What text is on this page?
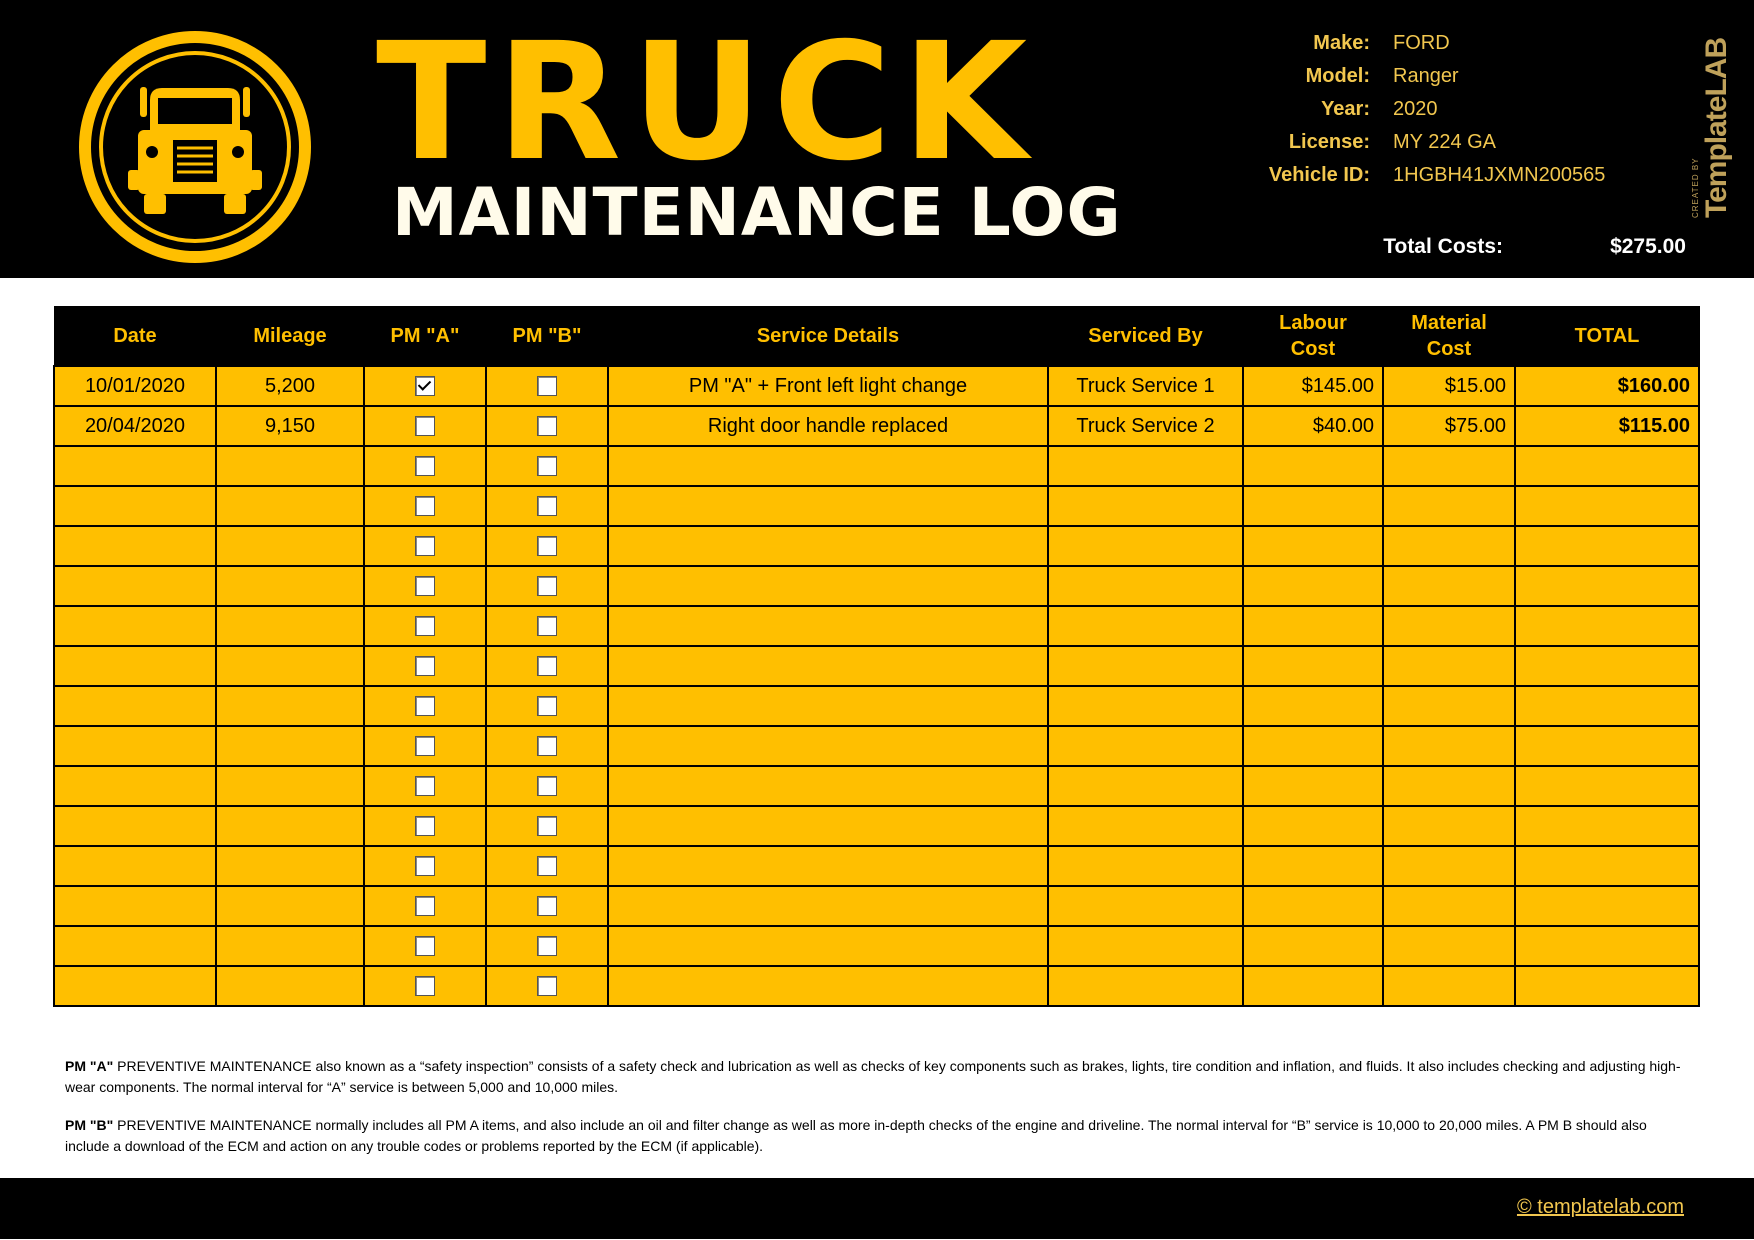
TRUCK
MAINTENANCE LOG
Make: FORD
Model: Ranger
Year: 2020
License: MY 224 GA
Vehicle ID: 1HGBH41JXMN200565
Total Costs:	$275.00
CREATED BY TemplateLAB
Date	Mileage	PM "A"	PM "B"	Service Details	Serviced By	Labour Cost	Material Cost	TOTAL
10/01/2020	5,200			PM "A" + Front left light change	Truck Service 1	$145.00	$15.00	$160.00
20/04/2020	9,150			Right door handle replaced	Truck Service 2	$40.00	$75.00	$115.00

PM "A" PREVENTIVE MAINTENANCE also known as a “safety inspection” consists of a safety check and lubrication as well as checks of key components such as brakes, lights, tire condition and inflation, and fluids. It also includes checking and adjusting high-wear components. The normal interval for “A” service is between 5,000 and 10,000 miles.
PM "B" PREVENTIVE MAINTENANCE normally includes all PM A items, and also include an oil and filter change as well as more in-depth checks of the engine and driveline. The normal interval for “B” service is 10,000 to 20,000 miles. A PM B should also include a download of the ECM and action on any trouble codes or problems reported by the ECM (if applicable).
© templatelab.com
